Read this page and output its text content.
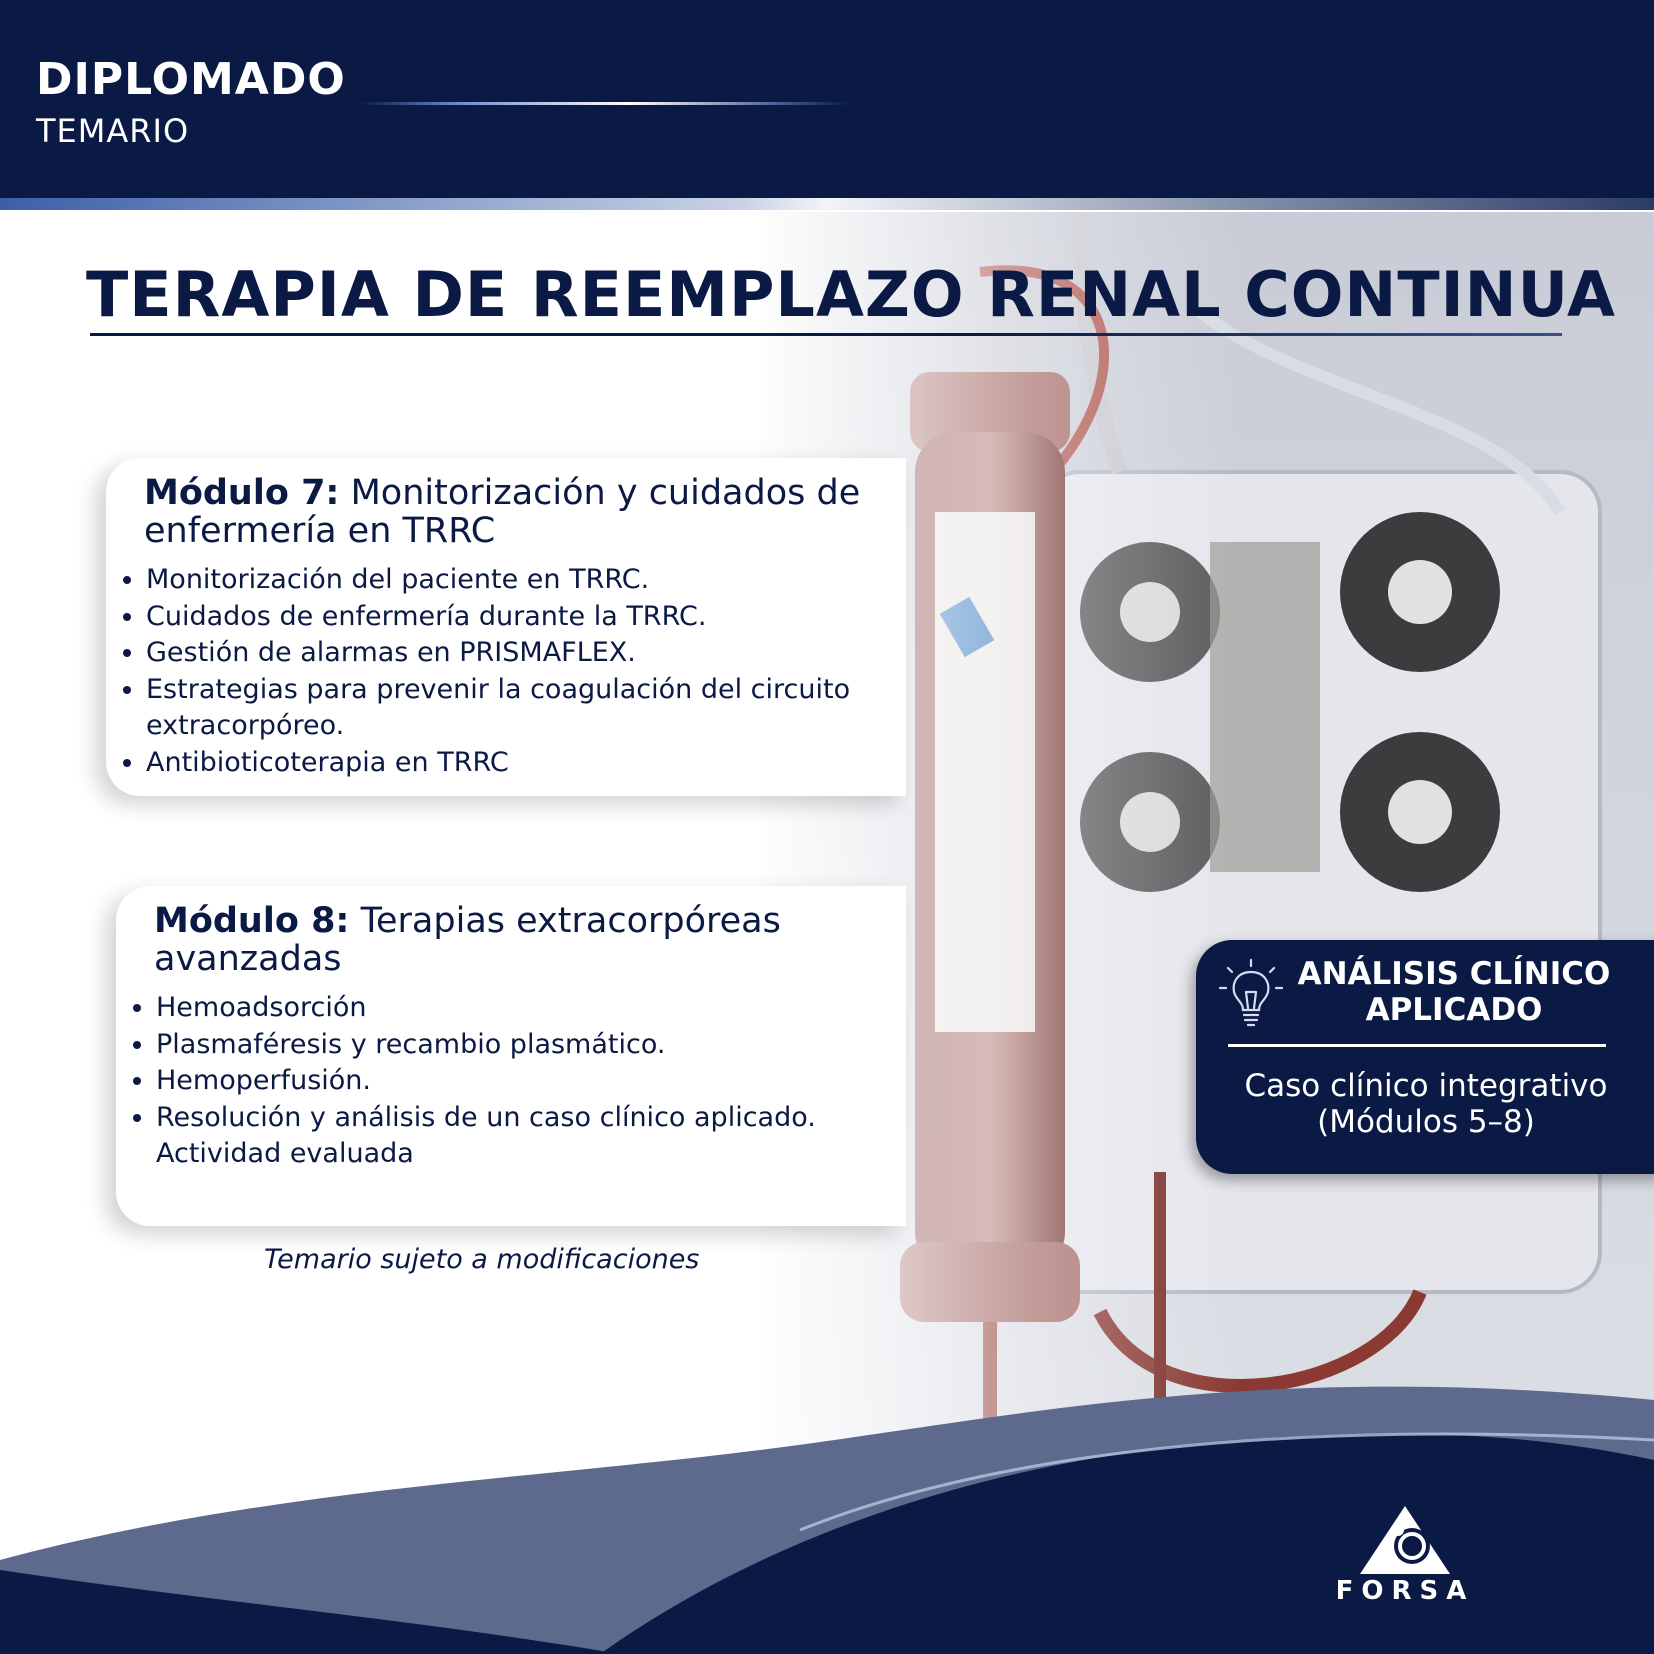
DIPLOMADO
TEMARIO
TERAPIA DE REEMPLAZO RENAL CONTINUA
Módulo 7: Monitorización y cuidados de enfermería en TRRC
• Monitorización del paciente en TRRC.
• Cuidados de enfermería durante la TRRC.
• Gestión de alarmas en PRISMAFLEX.
• Estrategias para prevenir la coagulación del circuito extracorpóreo.
• Antibioticoterapia en TRRC
Módulo 8: Terapias extracorpóreas avanzadas
• Hemoadsorción
• Plasmaféresis y recambio plasmático.
• Hemoperfusión.
• Resolución y análisis de un caso clínico aplicado. Actividad evaluada
Temario sujeto a modificaciones
ANÁLISIS CLÍNICO APLICADO
Caso clínico integrativo (Módulos 5–8)
FORSA
